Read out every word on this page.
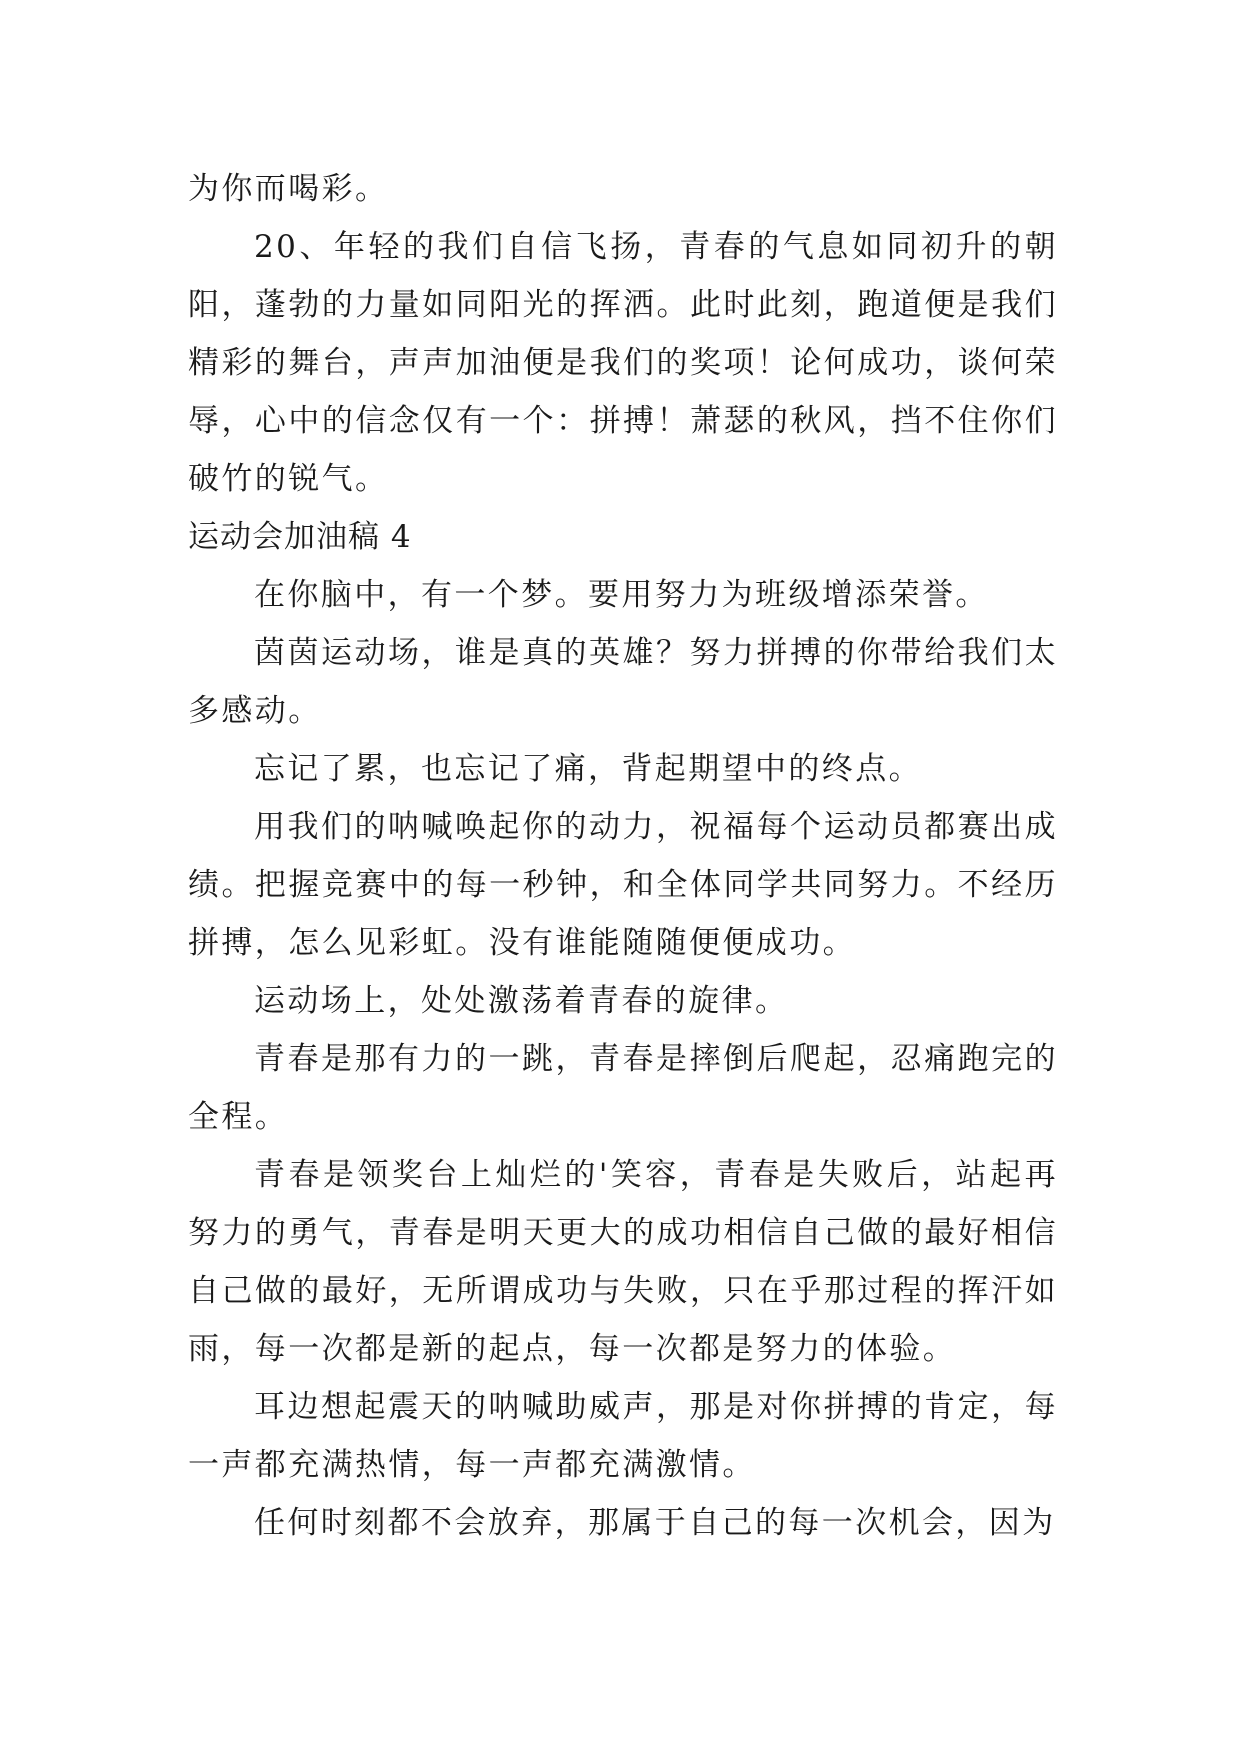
为你而喝彩。

20、年轻的我们自信飞扬，青春的气息如同初升的朝阳，蓬勃的力量如同阳光的挥洒。此时此刻，跑道便是我们精彩的舞台，声声加油便是我们的奖项！论何成功，谈何荣辱，心中的信念仅有一个：拼搏！萧瑟的秋风，挡不住你们破竹的锐气。

运动会加油稿 4

在你脑中，有一个梦。要用努力为班级增添荣誉。

茵茵运动场，谁是真的英雄？努力拼搏的你带给我们太多感动。

忘记了累，也忘记了痛，背起期望中的终点。

用我们的呐喊唤起你的动力，祝福每个运动员都赛出成绩。把握竞赛中的每一秒钟，和全体同学共同努力。不经历拼搏，怎么见彩虹。没有谁能随随便便成功。

运动场上，处处激荡着青春的旋律。

青春是那有力的一跳，青春是摔倒后爬起，忍痛跑完的全程。

青春是领奖台上灿烂的'笑容，青春是失败后，站起再努力的勇气，青春是明天更大的成功相信自己做的最好相信自己做的最好，无所谓成功与失败，只在乎那过程的挥汗如雨，每一次都是新的起点，每一次都是努力的体验。

耳边想起震天的呐喊助威声，那是对你拼搏的肯定，每一声都充满热情，每一声都充满激情。

任何时刻都不会放弃，那属于自己的每一次机会，因为
